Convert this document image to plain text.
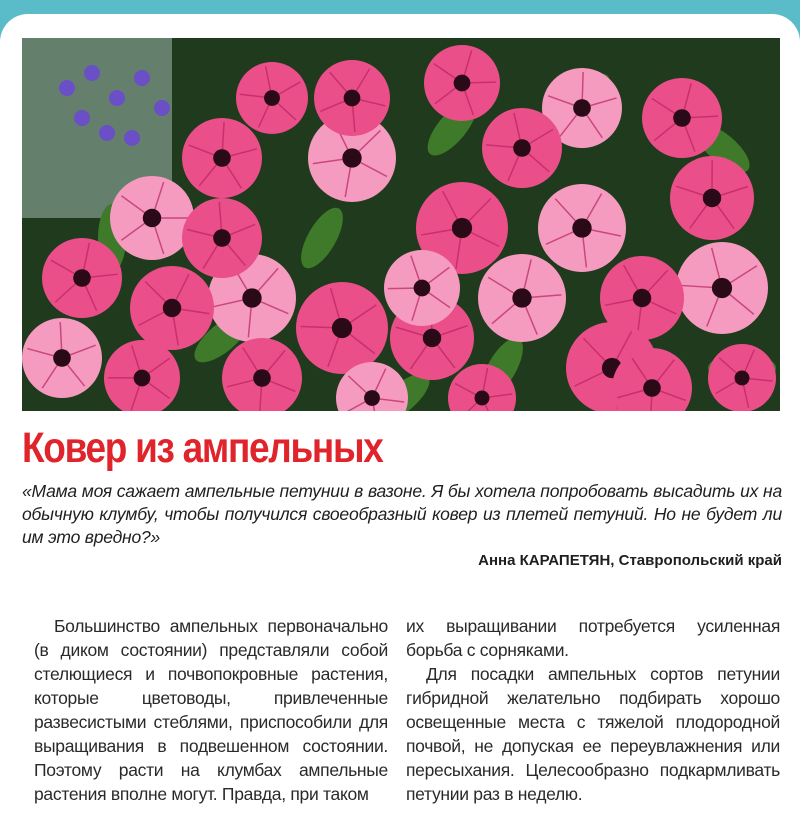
Ковер из ампельных
«Мама моя сажает ампельные петунии в вазоне. Я бы хотела попробовать высадить их на обычную клумбу, чтобы получился своеобразный ковер из плетей петуний. Но не будет ли им это вредно?»
Анна КАРАПЕТЯН, Ставропольский край

Большинство ампельных первоначально (в диком состоянии) представляли собой стелющиеся и почвопокровные растения, которые цветоводы, привлеченные развесистыми стеблями, приспособили для выращивания в подвешенном состоянии. Поэтому расти на клумбах ампельные растения вполне могут. Правда, при таком

их выращивании потребуется усиленная борьба с сорняками.

Для посадки ампельных сортов петунии гибридной желательно подбирать хорошо освещенные места с тяжелой плодородной почвой, не допуская ее переувлажнения или пересыхания. Целесообразно подкармливать петунии раз в неделю.
